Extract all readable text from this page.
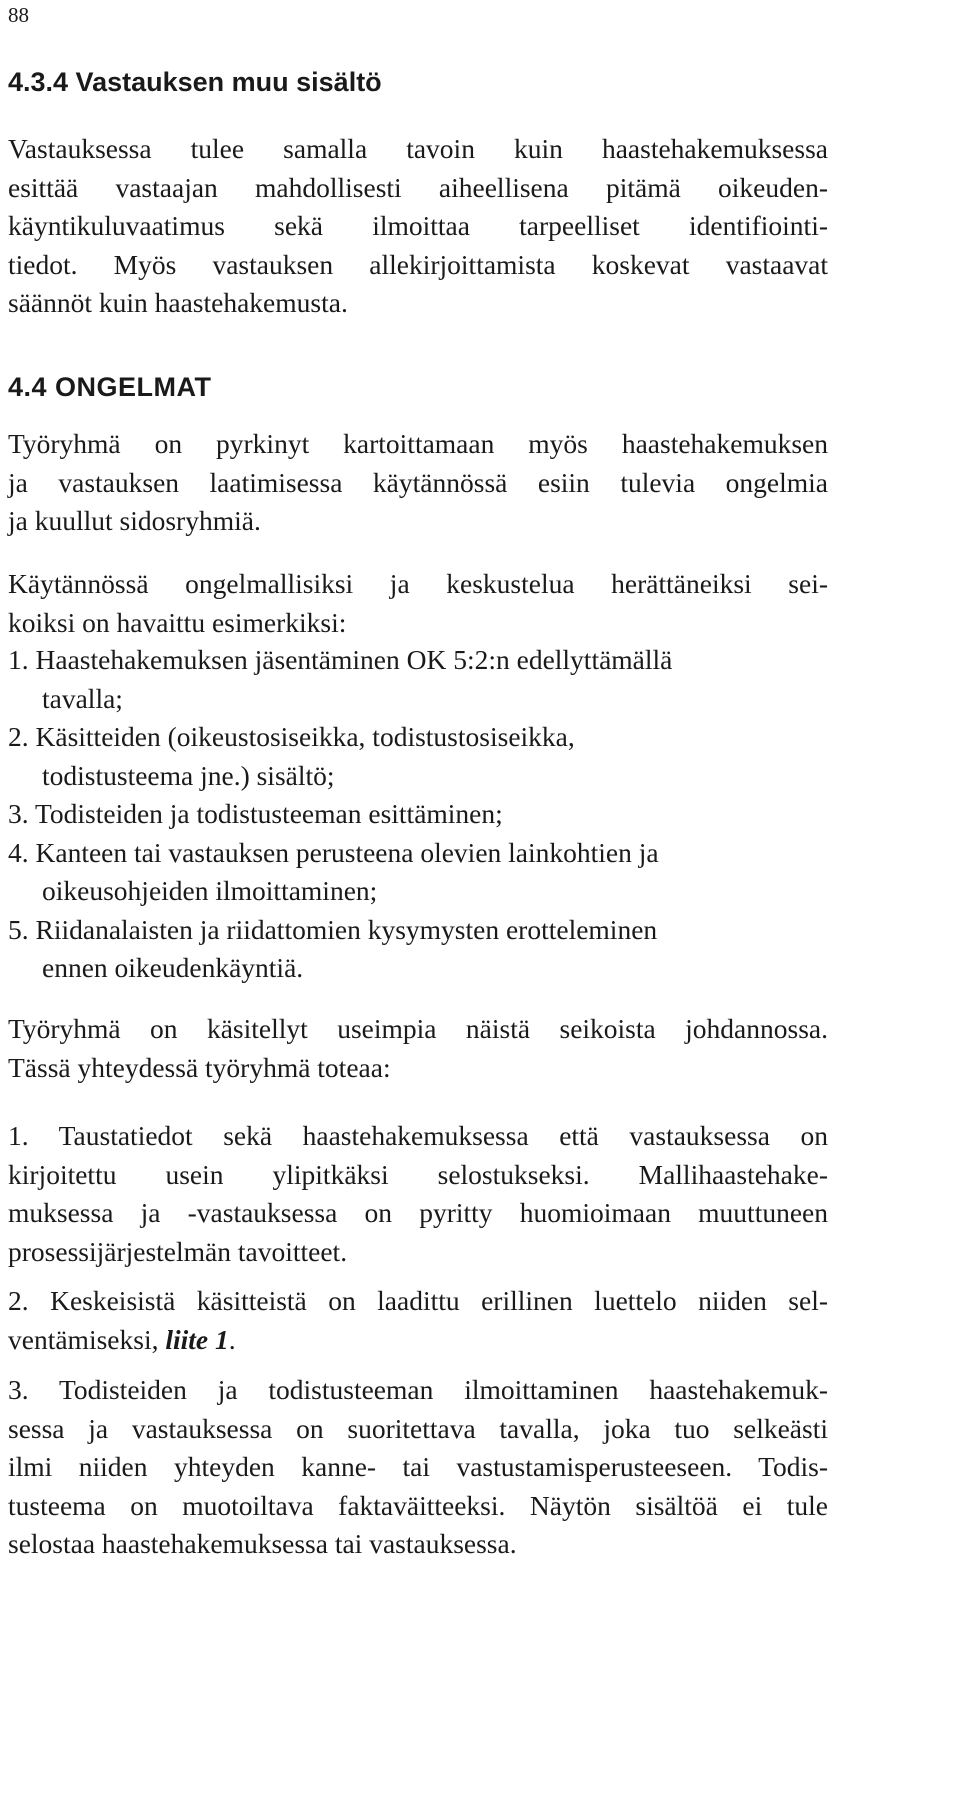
88
4.3.4 Vastauksen muu sisältö
Vastauksessa tulee samalla tavoin kuin haastehakemuksessa
esittää vastaajan mahdollisesti aiheellisena pitämä oikeuden-
käyntikuluvaatimus sekä ilmoittaa tarpeelliset identifiointi-
tiedot. Myös vastauksen allekirjoittamista koskevat vastaavat
säännöt kuin haastehakemusta.
4.4 ONGELMAT
Työryhmä on pyrkinyt kartoittamaan myös haastehakemuksen
ja vastauksen laatimisessa käytännössä esiin tulevia ongelmia
ja kuullut sidosryhmiä.
Käytännössä ongelmallisiksi ja keskustelua herättäneiksi sei-
koiksi on havaittu esimerkiksi:
1. Haastehakemuksen jäsentäminen OK 5:2:n edellyttämällä
tavalla;
2. Käsitteiden (oikeustosiseikka, todistustosiseikka,
todistusteema jne.) sisältö;
3. Todisteiden ja todistusteeman esittäminen;
4. Kanteen tai vastauksen perusteena olevien lainkohtien ja
oikeusohjeiden ilmoittaminen;
5. Riidanalaisten ja riidattomien kysymysten erotteleminen
ennen oikeudenkäyntiä.
Työryhmä on käsitellyt useimpia näistä seikoista johdannossa.
Tässä yhteydessä työryhmä toteaa:
1. Taustatiedot sekä haastehakemuksessa että vastauksessa on
kirjoitettu usein ylipitkäksi selostukseksi. Mallihaastehake-
muksessa ja -vastauksessa on pyritty huomioimaan muuttuneen
prosessijärjestelmän tavoitteet.
2. Keskeisistä käsitteistä on laadittu erillinen luettelo niiden sel-
ventämiseksi, liite 1.
3. Todisteiden ja todistusteeman ilmoittaminen haastehakemuk-
sessa ja vastauksessa on suoritettava tavalla, joka tuo selkeästi
ilmi niiden yhteyden kanne- tai vastustamisperusteeseen. Todis-
tusteema on muotoiltava faktaväitteeksi. Näytön sisältöä ei tule
selostaa haastehakemuksessa tai vastauksessa.
